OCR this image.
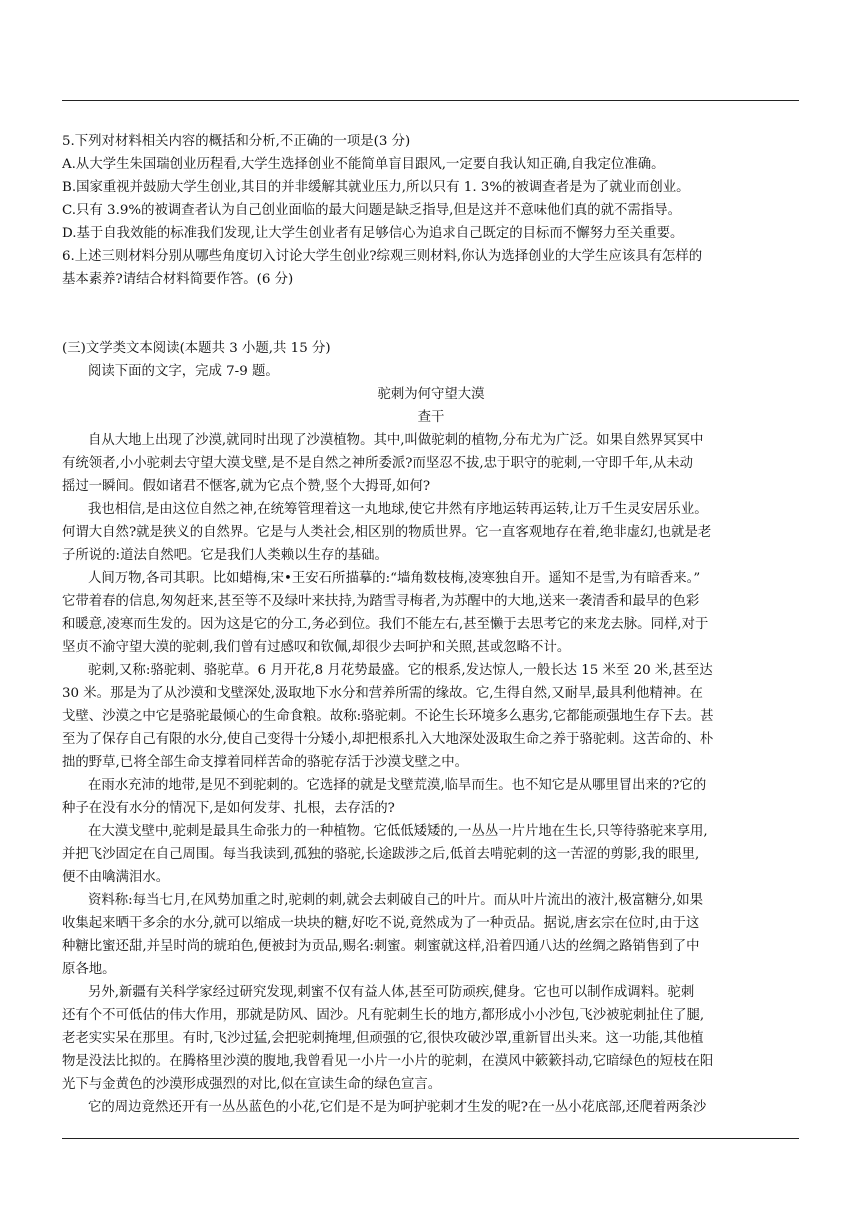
5.下列对材料相关内容的概括和分析,不正确的一项是(3 分)
A.从大学生朱国瑞创业历程看,大学生选择创业不能简单盲目跟风,一定要自我认知正确,自我定位准确。
B.国家重视并鼓励大学生创业,其目的并非缓解其就业压力,所以只有 1. 3%的被调查者是为了就业而创业。
C.只有 3.9%的被调查者认为自己创业面临的最大问题是缺乏指导,但是这并不意味他们真的就不需指导。
D.基于自我效能的标准我们发现,让大学生创业者有足够信心为追求自己既定的目标而不懈努力至关重要。
6.上述三则材料分别从哪些角度切入讨论大学生创业?综观三则材料,你认为选择创业的大学生应该具有怎样的
基本素养?请结合材料简要作答。(6 分)
(三)文学类文本阅读(本题共 3 小题,共 15 分)
阅读下面的文字，完成 7-9 题。
驼刺为何守望大漠
查干
自从大地上出现了沙漠,就同时出现了沙漠植物。其中,叫做驼刺的植物,分布尤为广泛。如果自然界冥冥中
有统领者,小小驼刺去守望大漠戈壁,是不是自然之神所委派?而坚忍不拔,忠于职守的驼刺,一守即千年,从未动
摇过一瞬间。假如诸君不惬客,就为它点个赞,竖个大拇哥,如何?
我也相信,是由这位自然之神,在统筹管理着这一丸地球,使它井然有序地运转再运转,让万千生灵安居乐业。
何谓大自然?就是狭义的自然界。它是与人类社会,相区别的物质世界。它一直客观地存在着,绝非虚幻,也就是老
子所说的:道法自然吧。它是我们人类赖以生存的基础。
人间万物,各司其职。比如蜡梅,宋•王安石所描摹的:“墙角数枝梅,凌寒独自开。遥知不是雪,为有暗香来。”
它带着春的信息,匆匆赶来,甚至等不及绿叶来扶持,为踏雪寻梅者,为苏醒中的大地,送来一袭清香和最早的色彩
和暖意,凌寒而生发的。因为这是它的分工,务必到位。我们不能左右,甚至懒于去思考它的来龙去脉。同样,对于
坚贞不渝守望大漠的驼刺,我们曾有过感叹和钦佩,却很少去呵护和关照,甚或忽略不计。
驼刺,又称:骆驼刺、骆驼草。6 月开花,8 月花势最盛。它的根系,发达惊人,一般长达 15 米至 20 米,甚至达
30 米。那是为了从沙漠和戈壁深处,汲取地下水分和营养所需的缘故。它,生得自然,又耐旱,最具利他精神。在
戈壁、沙漠之中它是骆驼最倾心的生命食粮。故称:骆驼刺。不论生长环境多么惠劣,它都能顽强地生存下去。甚
至为了保存自己有限的水分,使自己变得十分矮小,却把根系扎入大地深处汲取生命之养于骆驼刺。这苦命的、朴
拙的野草,已将全部生命支撑着同样苦命的骆驼存活于沙漠戈壁之中。
在雨水充沛的地带,是见不到驼刺的。它选择的就是戈壁荒漠,临旱而生。也不知它是从哪里冒出来的?它的
种子在没有水分的情况下,是如何发芽、扎根，去存活的?
在大漠戈壁中,驼刺是最具生命张力的一种植物。它低低矮矮的,一丛丛一片片地在生长,只等待骆驼来享用,
并把飞沙固定在自己周围。每当我读到,孤独的骆驼,长途跋涉之后,低首去啃驼刺的这一苦涩的剪影,我的眼里,
便不由噙满泪水。
资料称:每当七月,在风势加重之时,驼刺的刺,就会去刺破自己的叶片。而从叶片流出的液汁,极富糖分,如果
收集起来晒干多余的水分,就可以缩成一块块的糖,好吃不说,竟然成为了一种贡品。据说,唐玄宗在位时,由于这
种糖比蜜还甜,并呈时尚的琥珀色,便被封为贡品,赐名:刺蜜。刺蜜就这样,沿着四通八达的丝绸之路销售到了中
原各地。
另外,新疆有关科学家经过研究发现,刺蜜不仅有益人体,甚至可防顽疾,健身。它也可以制作成调料。驼刺
还有个不可低估的伟大作用，那就是防风、固沙。凡有驼刺生长的地方,都形成小小沙包,飞沙被驼刺扯住了腿,
老老实实呆在那里。有时,飞沙过猛,会把驼刺掩埋,但顽强的它,很快攻破沙罩,重新冒出头来。这一功能,其他植
物是没法比拟的。在腾格里沙漠的腹地,我曾看见一小片一小片的驼刺，在漠风中簌簌抖动,它暗绿色的短枝在阳
光下与金黄色的沙漠形成强烈的对比,似在宣读生命的绿色宣言。
它的周边竟然还开有一丛丛蓝色的小花,它们是不是为呵护驼刺才生发的呢?在一丛小花底部,还爬着两条沙
